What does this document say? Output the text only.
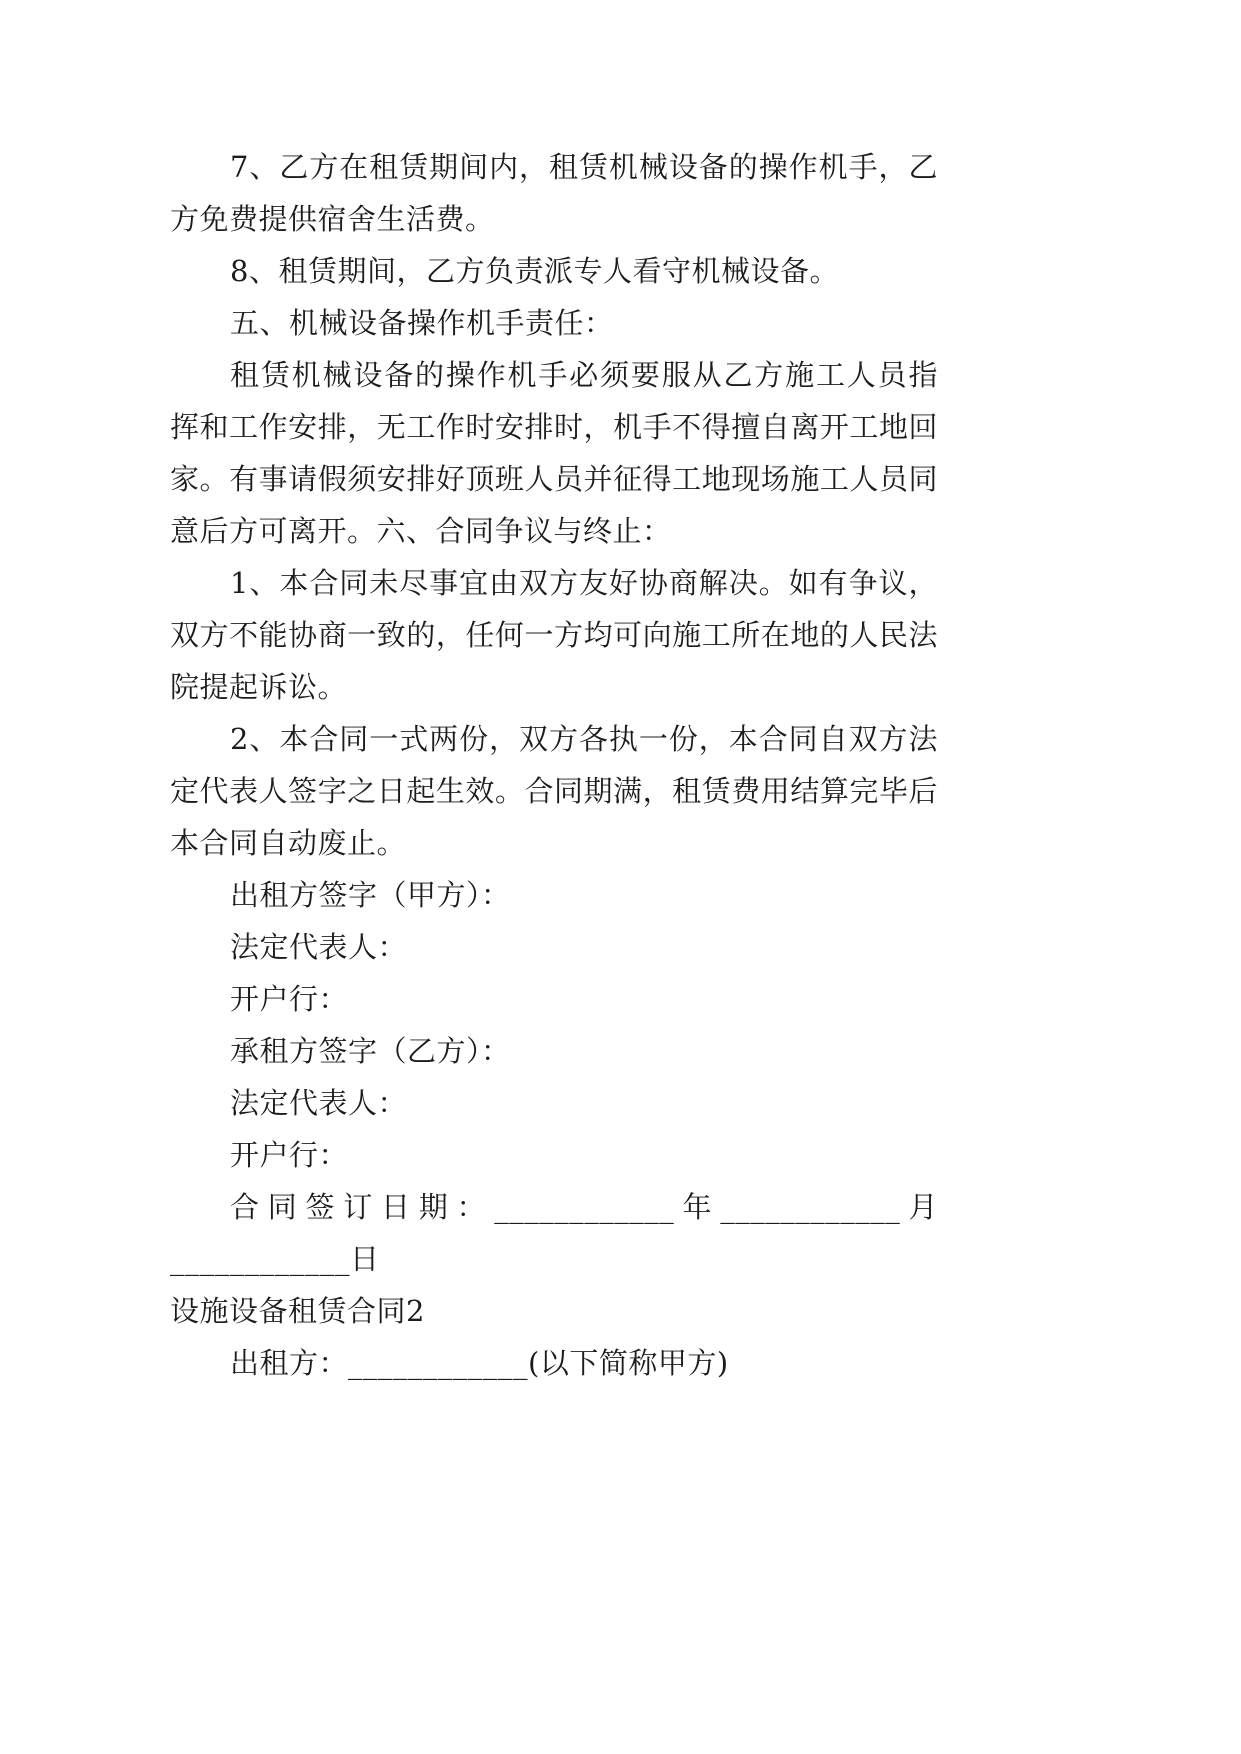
7、乙方在租赁期间内，租赁机械设备的操作机手，乙
方免费提供宿舍生活费。
8、租赁期间，乙方负责派专人看守机械设备。
五、机械设备操作机手责任：
租赁机械设备的操作机手必须要服从乙方施工人员指
挥和工作安排，无工作时安排时，机手不得擅自离开工地回
家。有事请假须安排好顶班人员并征得工地现场施工人员同
意后方可离开。六、合同争议与终止：
1、本合同未尽事宜由双方友好协商解决。如有争议，
双方不能协商一致的，任何一方均可向施工所在地的人民法
院提起诉讼。
2、本合同一式两份，双方各执一份，本合同自双方法
定代表人签字之日起生效。合同期满，租赁费用结算完毕后
本合同自动废止。
出租方签字（甲方）：
法定代表人：
开户行：
承租方签字（乙方）：
法定代表人：
开户行：
合同签订日期：____________年____________月
____________日
设施设备租赁合同2
出租方：____________(以下简称甲方)
